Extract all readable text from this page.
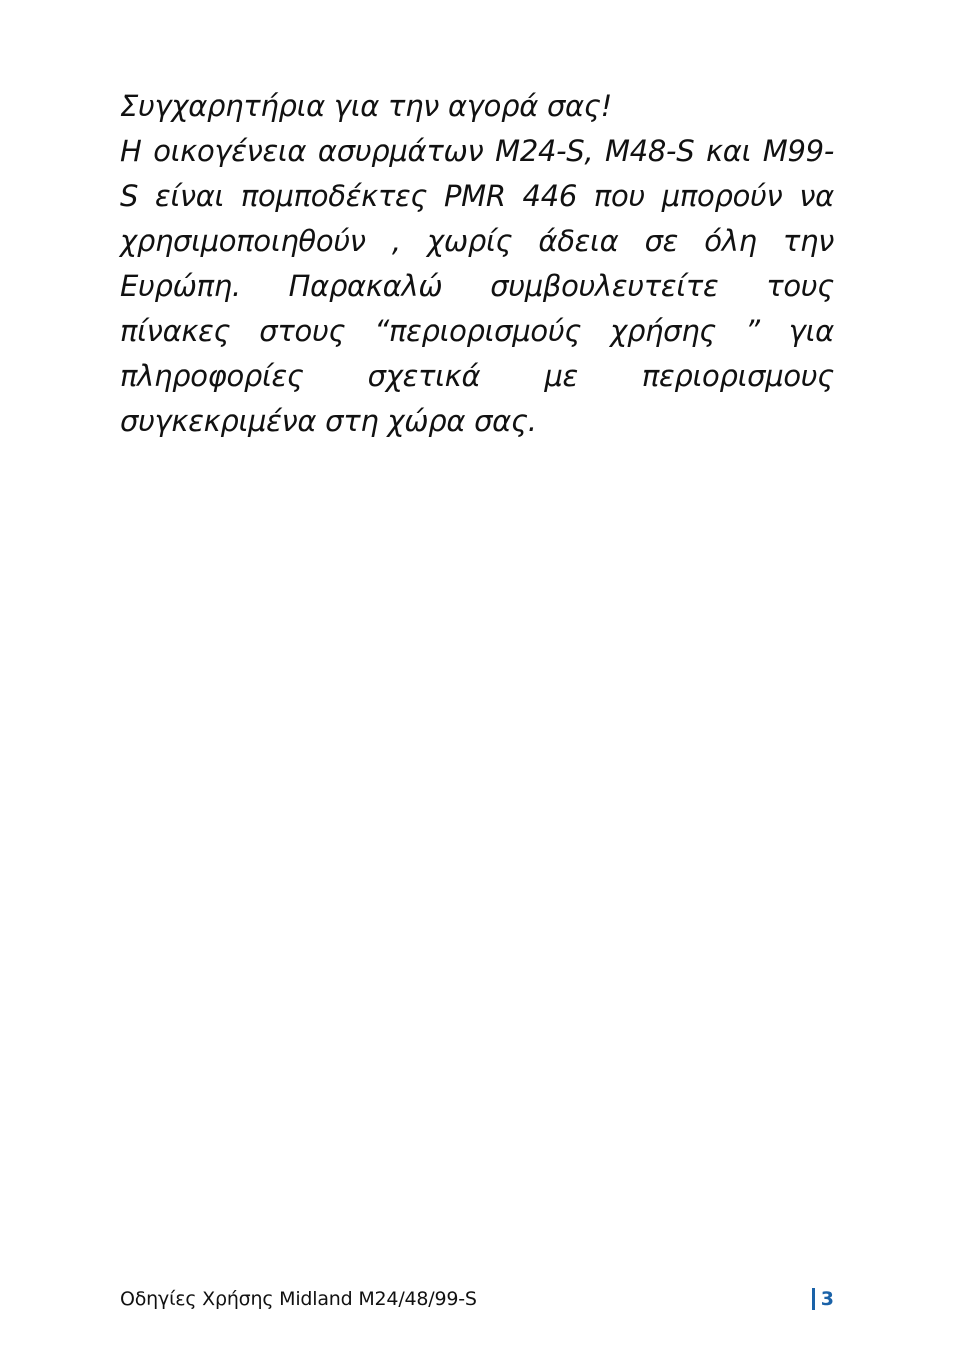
Συγχαρητήρια για την αγορά σας!

Η οικογένεια ασυρμάτων M24-S, M48-S και M99-S είναι πομποδέκτες PMR 446 που μπορούν να χρησιμοποιηθούν , χωρίς άδεια σε όλη την Ευρώπη. Παρακαλώ συμβουλευτείτε τους πίνακες στους “περιορισμούς χρήσης ” για πληροφορίες σχετικά με περιορισμους συγκεκριμένα στη χώρα σας.

Οδηγίες Χρήσης Midland M24/48/99-S	3
